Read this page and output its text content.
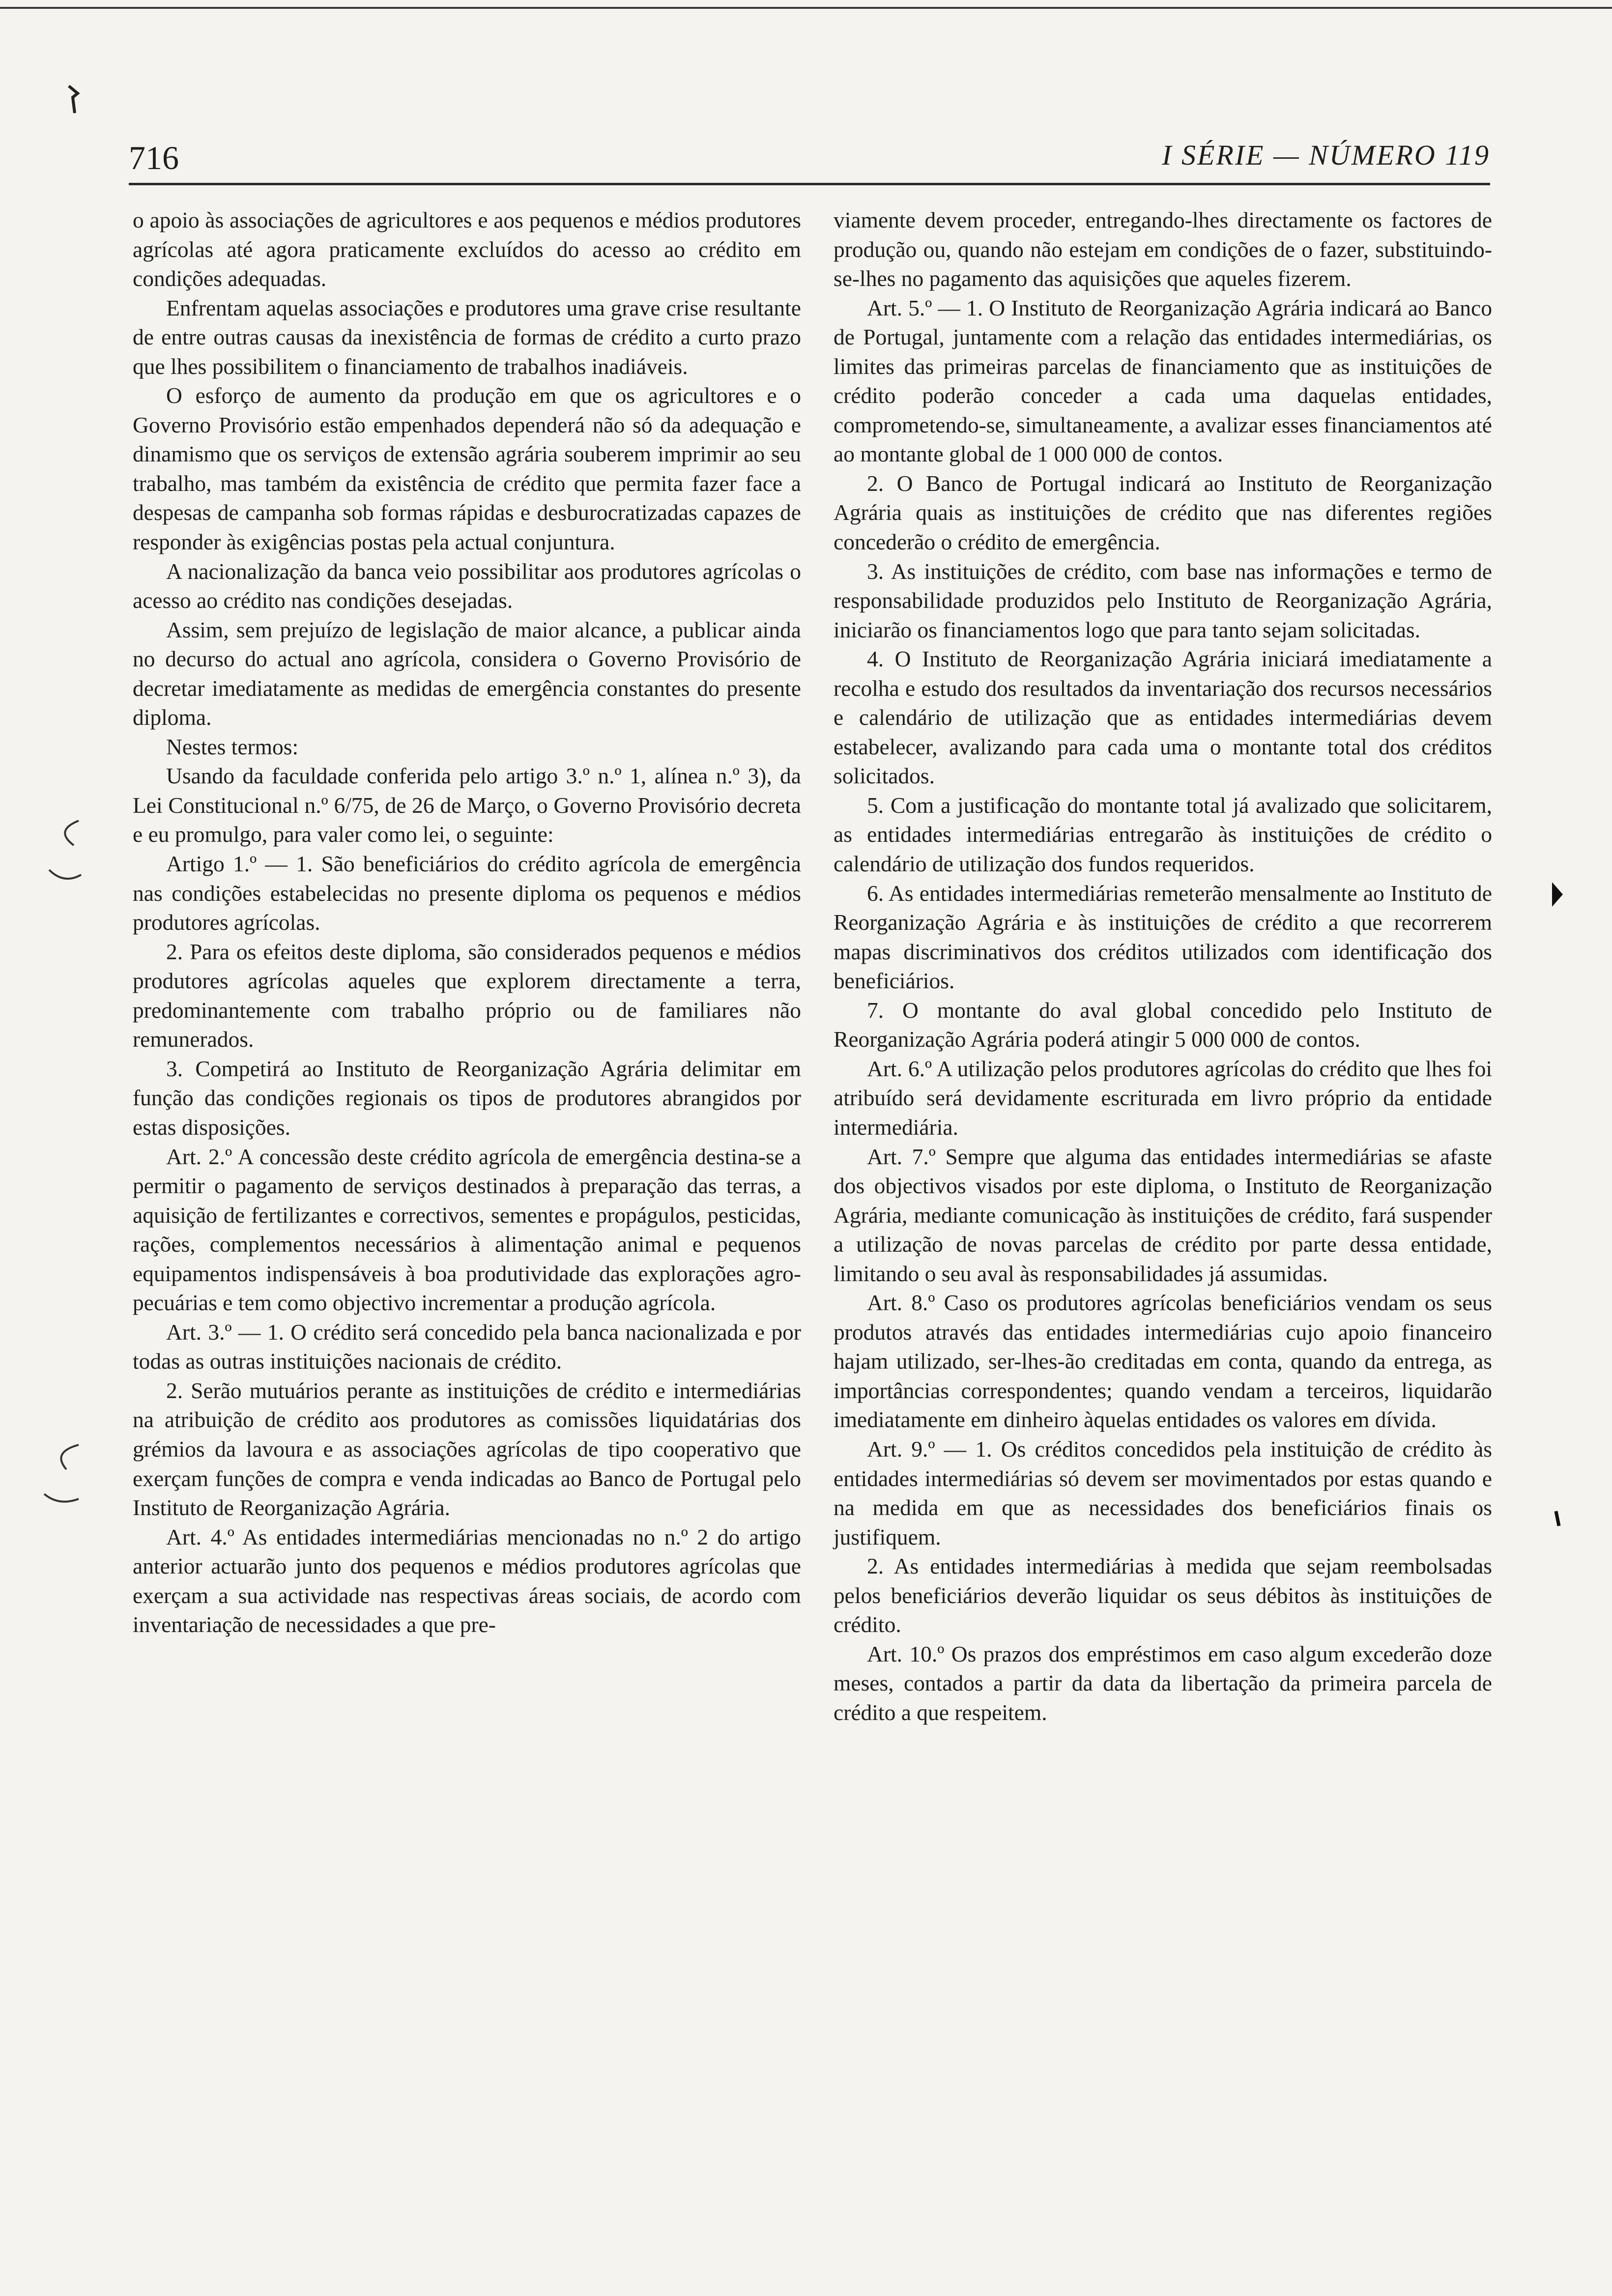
716	I SÉRIE — NÚMERO 119

o apoio às associações de agricultores e aos pequenos e médios produtores agrícolas até agora praticamente excluídos do acesso ao crédito em condições adequadas.

Enfrentam aquelas associações e produtores uma grave crise resultante de entre outras causas da inexistência de formas de crédito a curto prazo que lhes possibilitem o financiamento de trabalhos inadiáveis.

O esforço de aumento da produção em que os agricultores e o Governo Provisório estão empenhados dependerá não só da adequação e dinamismo que os serviços de extensão agrária souberem imprimir ao seu trabalho, mas também da existência de crédito que permita fazer face a despesas de campanha sob formas rápidas e desburocratizadas capazes de responder às exigências postas pela actual conjuntura.

A nacionalização da banca veio possibilitar aos produtores agrícolas o acesso ao crédito nas condições desejadas.

Assim, sem prejuízo de legislação de maior alcance, a publicar ainda no decurso do actual ano agrícola, considera o Governo Provisório de decretar imediatamente as medidas de emergência constantes do presente diploma.

Nestes termos:

Usando da faculdade conferida pelo artigo 3.º n.º 1, alínea n.º 3), da Lei Constitucional n.º 6/75, de 26 de Março, o Governo Provisório decreta e eu promulgo, para valer como lei, o seguinte:

Artigo 1.º — 1. São beneficiários do crédito agrícola de emergência nas condições estabelecidas no presente diploma os pequenos e médios produtores agrícolas.

2. Para os efeitos deste diploma, são considerados pequenos e médios produtores agrícolas aqueles que explorem directamente a terra, predominantemente com trabalho próprio ou de familiares não remunerados.

3. Competirá ao Instituto de Reorganização Agrária delimitar em função das condições regionais os tipos de produtores abrangidos por estas disposições.

Art. 2.º A concessão deste crédito agrícola de emergência destina-se a permitir o pagamento de serviços destinados à preparação das terras, a aquisição de fertilizantes e correctivos, sementes e propágulos, pesticidas, rações, complementos necessários à alimentação animal e pequenos equipamentos indispensáveis à boa produtividade das explorações agro-pecuárias e tem como objectivo incrementar a produção agrícola.

Art. 3.º — 1. O crédito será concedido pela banca nacionalizada e por todas as outras instituições nacionais de crédito.

2. Serão mutuários perante as instituições de crédito e intermediárias na atribuição de crédito aos produtores as comissões liquidatárias dos grémios da lavoura e as associações agrícolas de tipo cooperativo que exerçam funções de compra e venda indicadas ao Banco de Portugal pelo Instituto de Reorganização Agrária.

Art. 4.º As entidades intermediárias mencionadas no n.º 2 do artigo anterior actuarão junto dos pequenos e médios produtores agrícolas que exerçam a sua actividade nas respectivas áreas sociais, de acordo com inventariação de necessidades a que pre-

viamente devem proceder, entregando-lhes directamente os factores de produção ou, quando não estejam em condições de o fazer, substituindo-se-lhes no pagamento das aquisições que aqueles fizerem.

Art. 5.º — 1. O Instituto de Reorganização Agrária indicará ao Banco de Portugal, juntamente com a relação das entidades intermediárias, os limites das primeiras parcelas de financiamento que as instituições de crédito poderão conceder a cada uma daquelas entidades, comprometendo-se, simultaneamente, a avalizar esses financiamentos até ao montante global de 1 000 000 de contos.

2. O Banco de Portugal indicará ao Instituto de Reorganização Agrária quais as instituições de crédito que nas diferentes regiões concederão o crédito de emergência.

3. As instituições de crédito, com base nas informações e termo de responsabilidade produzidos pelo Instituto de Reorganização Agrária, iniciarão os financiamentos logo que para tanto sejam solicitadas.

4. O Instituto de Reorganização Agrária iniciará imediatamente a recolha e estudo dos resultados da inventariação dos recursos necessários e calendário de utilização que as entidades intermediárias devem estabelecer, avalizando para cada uma o montante total dos créditos solicitados.

5. Com a justificação do montante total já avalizado que solicitarem, as entidades intermediárias entregarão às instituições de crédito o calendário de utilização dos fundos requeridos.

6. As entidades intermediárias remeterão mensalmente ao Instituto de Reorganização Agrária e às instituições de crédito a que recorrerem mapas discriminativos dos créditos utilizados com identificação dos beneficiários.

7. O montante do aval global concedido pelo Instituto de Reorganização Agrária poderá atingir 5 000 000 de contos.

Art. 6.º A utilização pelos produtores agrícolas do crédito que lhes foi atribuído será devidamente escriturada em livro próprio da entidade intermediária.

Art. 7.º Sempre que alguma das entidades intermediárias se afaste dos objectivos visados por este diploma, o Instituto de Reorganização Agrária, mediante comunicação às instituições de crédito, fará suspender a utilização de novas parcelas de crédito por parte dessa entidade, limitando o seu aval às responsabilidades já assumidas.

Art. 8.º Caso os produtores agrícolas beneficiários vendam os seus produtos através das entidades intermediárias cujo apoio financeiro hajam utilizado, ser-lhes-ão creditadas em conta, quando da entrega, as importâncias correspondentes; quando vendam a terceiros, liquidarão imediatamente em dinheiro àquelas entidades os valores em dívida.

Art. 9.º — 1. Os créditos concedidos pela instituição de crédito às entidades intermediárias só devem ser movimentados por estas quando e na medida em que as necessidades dos beneficiários finais os justifiquem.

2. As entidades intermediárias à medida que sejam reembolsadas pelos beneficiários deverão liquidar os seus débitos às instituições de crédito.

Art. 10.º Os prazos dos empréstimos em caso algum excederão doze meses, contados a partir da data da libertação da primeira parcela de crédito a que respeitem.
